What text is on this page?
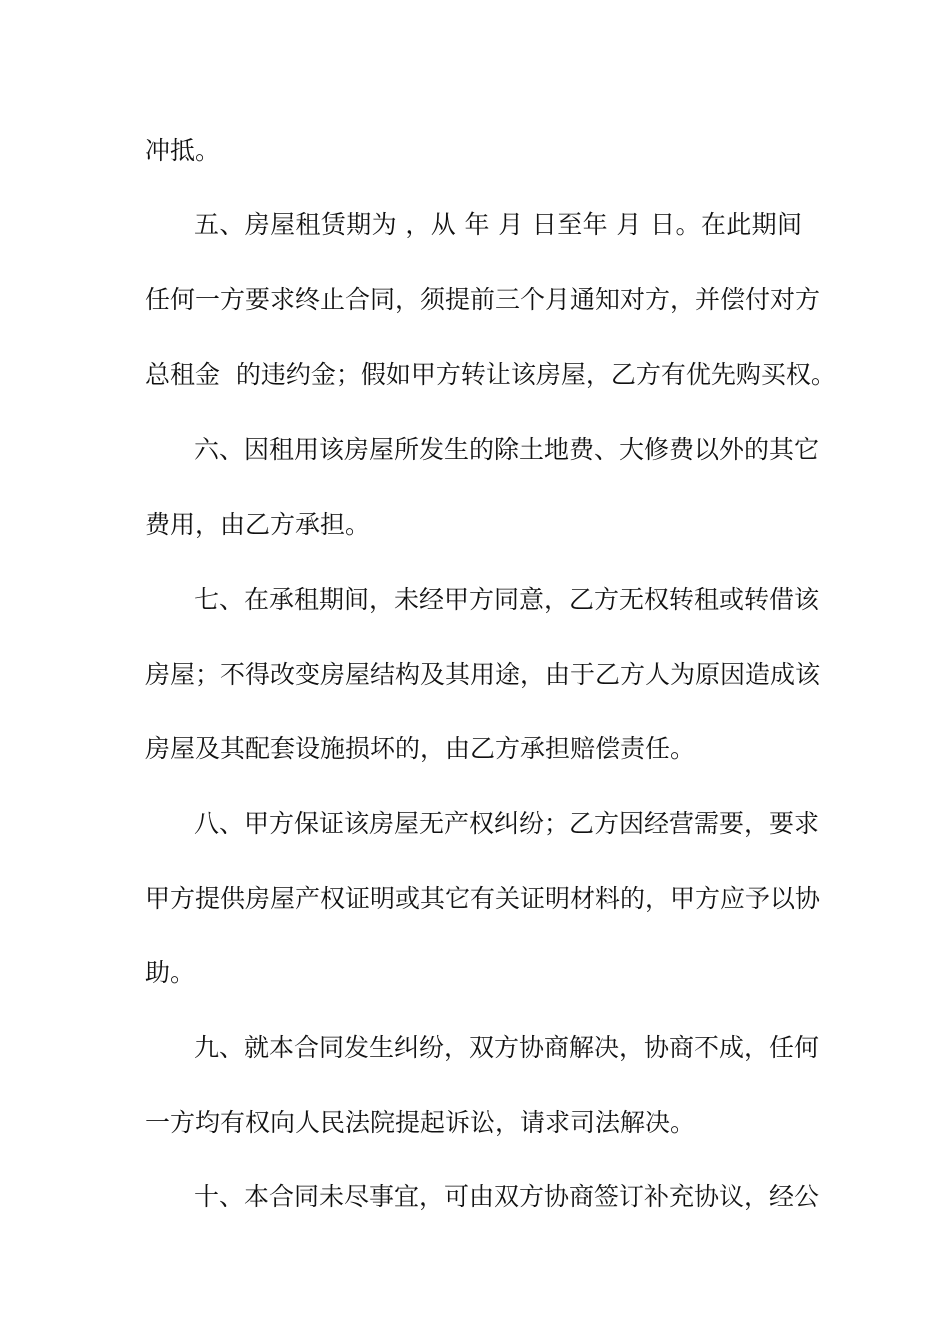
冲抵。
五、房屋租赁期为 ，从 年 月 日至年 月 日。在此期间
任何一方要求终止合同，须提前三个月通知对方，并偿付对方
总租金  的违约金；假如甲方转让该房屋，乙方有优先购买权。
六、因租用该房屋所发生的除土地费、大修费以外的其它
费用，由乙方承担。
七、在承租期间，未经甲方同意，乙方无权转租或转借该
房屋；不得改变房屋结构及其用途，由于乙方人为原因造成该
房屋及其配套设施损坏的，由乙方承担赔偿责任。
八、甲方保证该房屋无产权纠纷；乙方因经营需要，要求
甲方提供房屋产权证明或其它有关证明材料的，甲方应予以协
助。
九、就本合同发生纠纷，双方协商解决，协商不成，任何
一方均有权向人民法院提起诉讼，请求司法解决。
十、本合同未尽事宜，可由双方协商签订补充协议，经公
